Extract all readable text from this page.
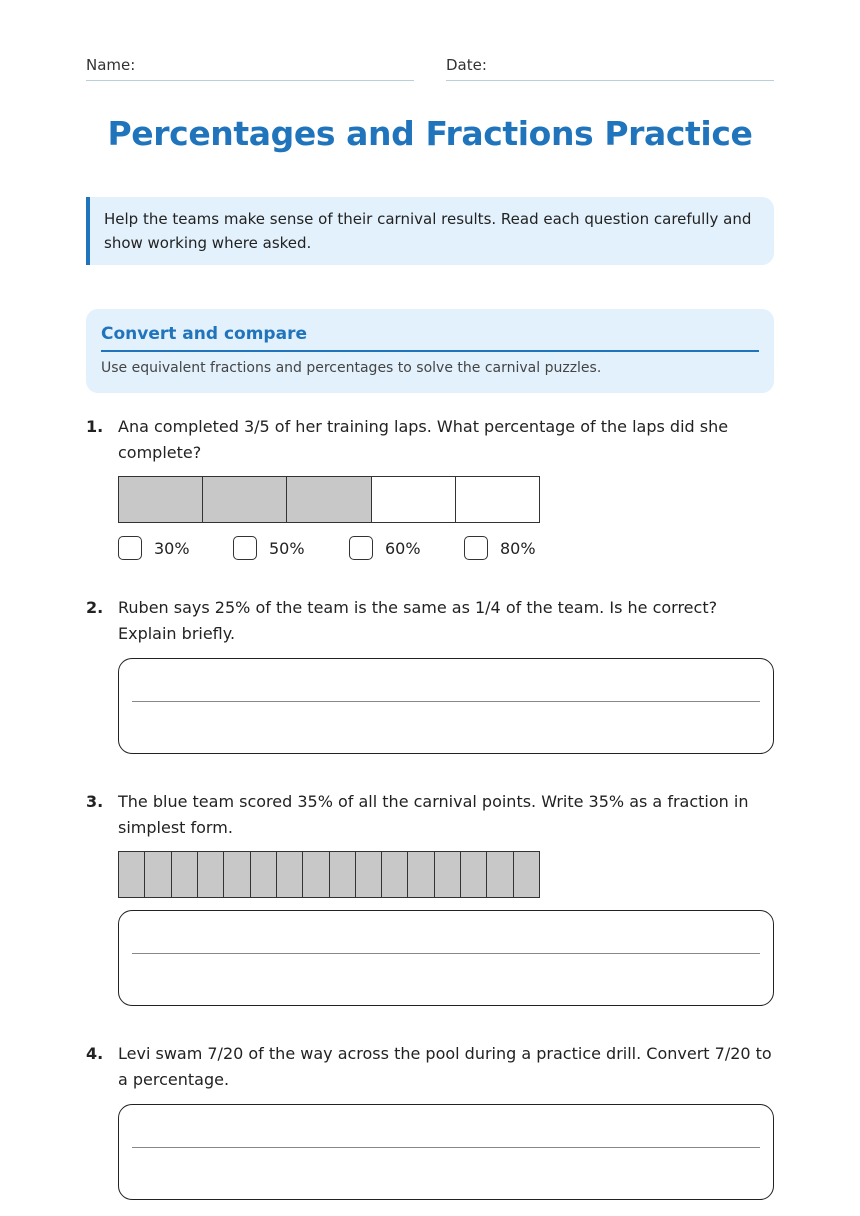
Name:	Date:
Percentages and Fractions Practice
Help the teams make sense of their carnival results. Read each question carefully and show working where asked.
Convert and compare
Use equivalent fractions and percentages to solve the carnival puzzles.
1. Ana completed 3/5 of her training laps. What percentage of the laps did she complete?
30%	50%	60%	80%
2. Ruben says 25% of the team is the same as 1/4 of the team. Is he correct? Explain briefly.
3. The blue team scored 35% of all the carnival points. Write 35% as a fraction in simplest form.
4. Levi swam 7/20 of the way across the pool during a practice drill. Convert 7/20 to a percentage.
